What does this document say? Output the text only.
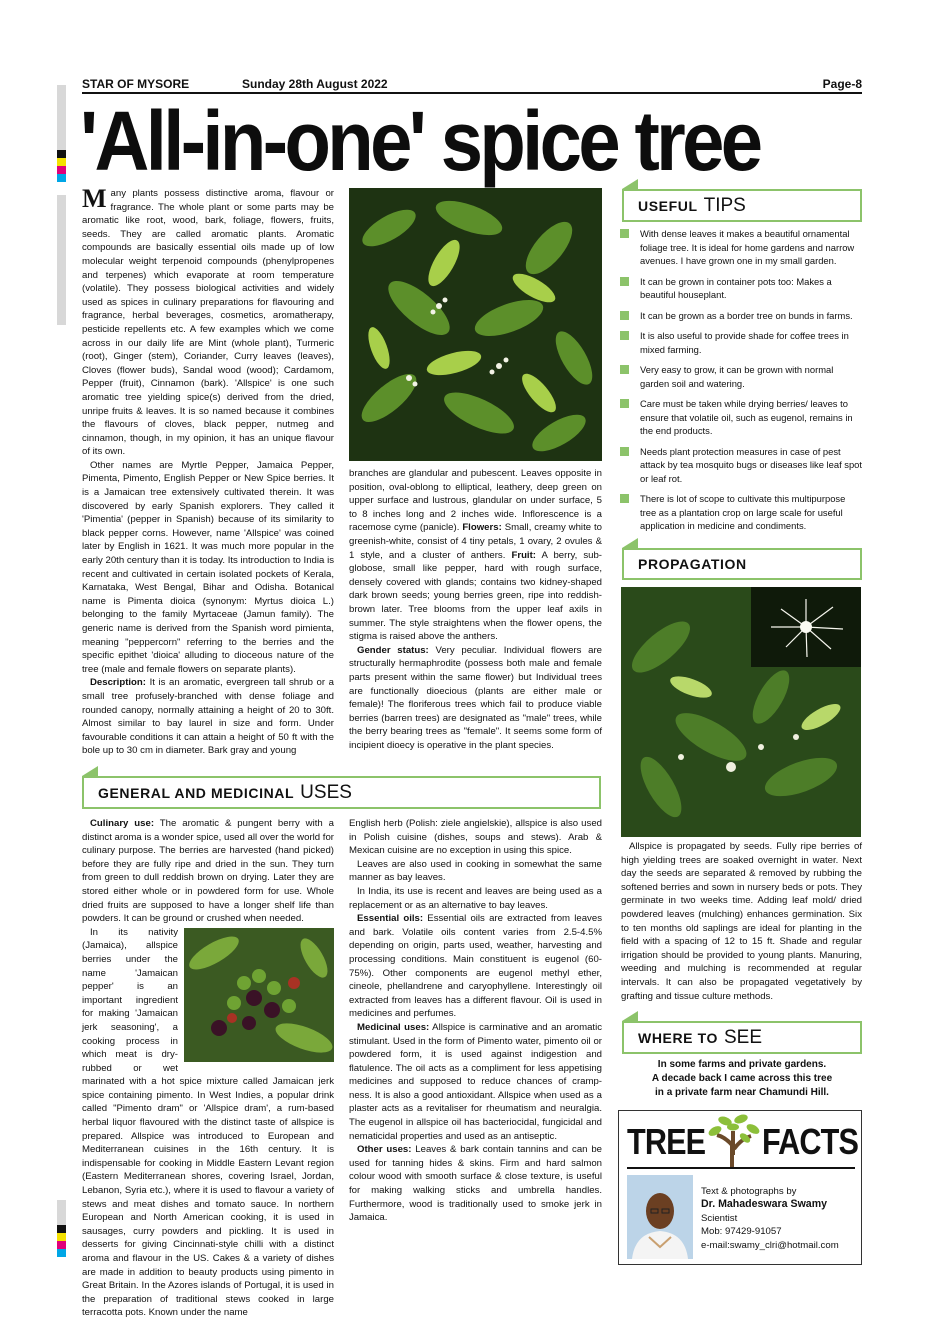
STAR OF MYSORE	Sunday 28th August 2022	Page-8
'All-in-one' spice tree

Many plants possess distinctive aroma, flavour or fragrance. The whole plant or some parts may be aromatic like root, wood, bark, foliage, flowers, fruits, seeds. They are called aromatic plants. Aromatic compounds are basically essential oils made up of low molecular weight terpenoid compounds (phenylpropenes and terpenes) which evaporate at room temperature (volatile). They possess biological activities and widely used as spices in culinary preparations for flavouring and fragrance, herbal beverages, cosmetics, aromatherapy, pesticide repellents etc. A few examples which we come across in our daily life are Mint (whole plant), Turmeric (root), Ginger (stem), Coriander, Curry leaves (leaves), Cloves (flower buds), Sandal wood (wood); Cardamom, Pepper (fruit), Cinnamon (bark). 'Allspice' is one such aromatic tree yielding spice(s) derived from the dried, unripe fruits & leaves. It is so named because it combines the flavours of cloves, black pepper, nutmeg and cinnamon, though, in my opinion, it has an unique flavour of its own.

Other names are Myrtle Pepper, Jamaica Pepper, Pimenta, Pimento, English Pepper or New Spice berries. It is a Jamaican tree extensively cultivated therein. It was discovered by early Spanish explorers. They called it 'Pimentia' (pepper in Spanish) because of its similarity to black pepper corns. However, name 'Allspice' was coined later by English in 1621. It was much more popular in the early 20th century than it is today. Its introduction to India is recent and cultivated in certain isolated pockets of Kerala, Karnataka, West Bengal, Bihar and Odisha. Botanical name is Pimenta dioica (synonym: Myrtus dioica L.) belonging to the family Myrtaceae (Jamun family). The generic name is derived from the Spanish word pimienta, meaning "peppercorn" referring to the berries and the specific epithet 'dioica' alluding to dioceous nature of the tree (male and female flowers on separate plants).

Description: It is an aromatic, evergreen tall shrub or a small tree profusely-branched with dense foliage and rounded canopy, normally attaining a height of 20 to 30ft. Almost similar to bay laurel in size and form. Under favourable conditions it can attain a height of 50 ft with the bole up to 30 cm in diameter. Bark gray and young

branches are glandular and pubescent. Leaves opposite in position, oval-oblong to elliptical, leathery, deep green on upper surface and lustrous, glandular on under surface, 5 to 8 inches long and 2 inches wide. Inflorescence is a racemose cyme (panicle). Flowers: Small, creamy white to greenish-white, consist of 4 tiny petals, 1 ovary, 2 ovules & 1 style, and a cluster of anthers. Fruit: A berry, sub-globose, small like pepper, hard with rough surface, densely covered with glands; contains two kidney-shaped dark brown seeds; young berries green, ripe into reddish-brown later. Tree blooms from the upper leaf axils in summer. The style straightens when the flower opens, the stigma is raised above the anthers.

Gender status: Very peculiar. Individual flowers are structurally hermaphrodite (possess both male and female parts present within the same flower) but Individual trees are functionally dioecious (plants are either male or female)! The floriferous trees which fail to produce viable berries (barren trees) are designated as "male" trees, while the berry bearing trees as "female". It seems some form of incipient dioecy is operative in the plant species.

USEFUL TIPS
With dense leaves it makes a beautiful ornamental foliage tree. It is ideal for home gardens and narrow avenues. I have grown one in my small garden.
It can be grown in container pots too: Makes a beautiful houseplant.
It can be grown as a border tree on bunds in farms.
It is also useful to provide shade for coffee trees in mixed farming.
Very easy to grow, it can be grown with normal garden soil and watering.
Care must be taken while drying berries/ leaves to ensure that volatile oil, such as eugenol, remains in the end products.
Needs plant protection measures in case of pest attack by tea mosquito bugs or diseases like leaf spot or leaf rot.
There is lot of scope to cultivate this multipurpose tree as a plantation crop on large scale for useful application in medicine and condiments.
PROPAGATION

Allspice is propagated by seeds. Fully ripe berries of high yielding trees are soaked overnight in water. Next day the seeds are separated & removed by rubbing the softened berries and sown in nursery beds or pots. They germinate in two weeks time. Adding leaf mold/ dried powdered leaves (mulching) enhances germination. Six to ten months old saplings are ideal for planting in the field with a spacing of 12 to 15 ft. Shade and regular irrigation should be provided to young plants. Manuring, weeding and mulching is recommended at regular intervals. It can also be propagated vegetatively by grafting and tissue culture methods.

GENERAL AND MEDICINAL USES

Culinary use: The aromatic & pungent berry with a distinct aroma is a wonder spice, used all over the world for culinary purpose. The berries are harvested (hand picked) before they are fully ripe and dried in the sun. They turn from green to dull reddish brown on drying. Later they are stored either whole or in powdered form for use. Whole dried fruits are supposed to have a longer shelf life than powders. It can be ground or crushed when needed.

In its nativity (Jamaica), allspice berries under the name 'Jamaican pepper' is an important ingredient for making 'Jamaican jerk seasoning', a cooking process in which meat is dry-rubbed or wet marinated with a hot spice mixture called Jamaican jerk spice containing pimento. In West Indies, a popular drink called "Pimento dram" or 'Allspice dram', a rum-based herbal liquor flavoured with the distinct taste of allspice is prepared. Allspice was introduced to European and Mediterranean cuisines in the 16th century. It is indispensable for cooking in Middle Eastern Levant region (Eastern Mediterranean shores, covering Israel, Jordan, Lebanon, Syria etc.), where it is used to flavour a variety of stews and meat dishes and tomato sauce. In northern European and North American cooking, it is used in sausages, curry powders and pickling. It is used in desserts for giving Cincinnati-style chilli with a distinct aroma and flavour in the US. Cakes & a variety of dishes are made in addition to beauty products using pimento in Great Britain. In the Azores islands of Portugal, it is used in the preparation of traditional stews cooked in large terracotta pots. Known under the name

English herb (Polish: ziele angielskie), allspice is also used in Polish cuisine (dishes, soups and stews). Arab & Mexican cuisine are no exception in using this spice.

Leaves are also used in cooking in somewhat the same manner as bay leaves.

In India, its use is recent and leaves are being used as a replacement or as an alternative to bay leaves.

Essential oils: Essential oils are extracted from leaves and bark. Volatile oils content varies from 2.5-4.5% depending on origin, parts used, weather, harvesting and processing conditions. Main constituent is eugenol (60-75%). Other components are eugenol methyl ether, cineole, phellandrene and caryophyllene. Interestingly oil extracted from leaves has a different flavour. Oil is used in medicines and perfumes.

Medicinal uses: Allspice is carminative and an aromatic stimulant. Used in the form of Pimento water, pimento oil or powdered form, it is used against indigestion and flatulence. The oil acts as a compliment for less appetising medicines and supposed to reduce chances of cramp-ness. It is also a good antioxidant. Allspice when used as a plaster acts as a revitaliser for rheumatism and neuralgia. The eugenol in allspice oil has bacteriocidal, fungicidal and nematicidal properties and used as an antiseptic.

Other uses: Leaves & bark contain tannins and can be used for tanning hides & skins. Firm and hard salmon colour wood with smooth surface & close texture, is useful for making walking sticks and umbrella handles. Furthermore, wood is traditionally used to smoke jerk in Jamaica.

WHERE TO SEE
In some farms and private gardens.
A decade back I came across this tree
in a private farm near Chamundi Hill.
TREE FACTS
Text & photographs by
Dr. Mahadeswara Swamy
Scientist
Mob: 97429-91057
e-mail:swamy_clri@hotmail.com
